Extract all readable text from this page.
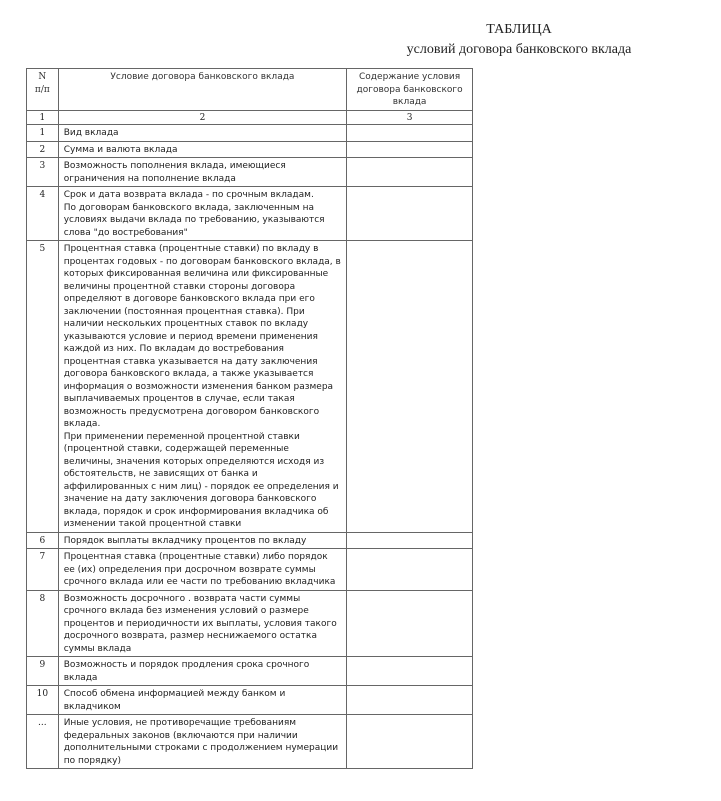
ТАБЛИЦА
условий договора банковского вклада
N
п/п	Условие договора банковского вклада	Содержание условия договора банковского вклада
1	2	3
1	Вид вклада	
2	Сумма и валюта вклада	
3	Возможность пополнения вклада, имеющиеся ограничения на пополнение вклада	
4	Срок и дата возврата вклада - по срочным вкладам.
По договорам банковского вклада, заключенным на условиях выдачи вклада по требованию, указываются слова "до востребования"	
5	Процентная ставка (процентные ставки) по вкладу в процентах годовых - по договорам банковского вклада, в которых фиксированная величина или фиксированные величины процентной ставки стороны договора определяют в договоре банковского вклада при его заключении (постоянная процентная ставка). При наличии нескольких процентных ставок по вкладу указываются условие и период времени применения каждой из них. По вкладам до востребования процентная ставка указывается на дату заключения договора банковского вклада, а также указывается информация о возможности изменения банком размера выплачиваемых процентов в случае, если такая возможность предусмотрена договором банковского вклада.
При применении переменной процентной ставки (процентной ставки, содержащей переменные величины, значения которых определяются исходя из обстоятельств, не зависящих от банка и аффилированных с ним лиц) - порядок ее определения и значение на дату заключения договора банковского вклада, порядок и срок информирования вкладчика об изменении такой процентной ставки	
6	Порядок выплаты вкладчику процентов по вкладу	
7	Процентная ставка (процентные ставки) либо порядок ее (их) определения при досрочном возврате суммы срочного вклада или ее части по требованию вкладчика	
8	Возможность досрочного . возврата части суммы срочного вклада без изменения условий о размере процентов и периодичности их выплаты, условия такого досрочного возврата, размер неснижаемого остатка суммы вклада	
9	Возможность и порядок продления срока срочного вклада	
10	Способ обмена информацией между банком и вкладчиком	
...	Иные условия, не противоречащие требованиям федеральных законов (включаются при наличии дополнительными строками с продолжением нумерации по порядку)	
